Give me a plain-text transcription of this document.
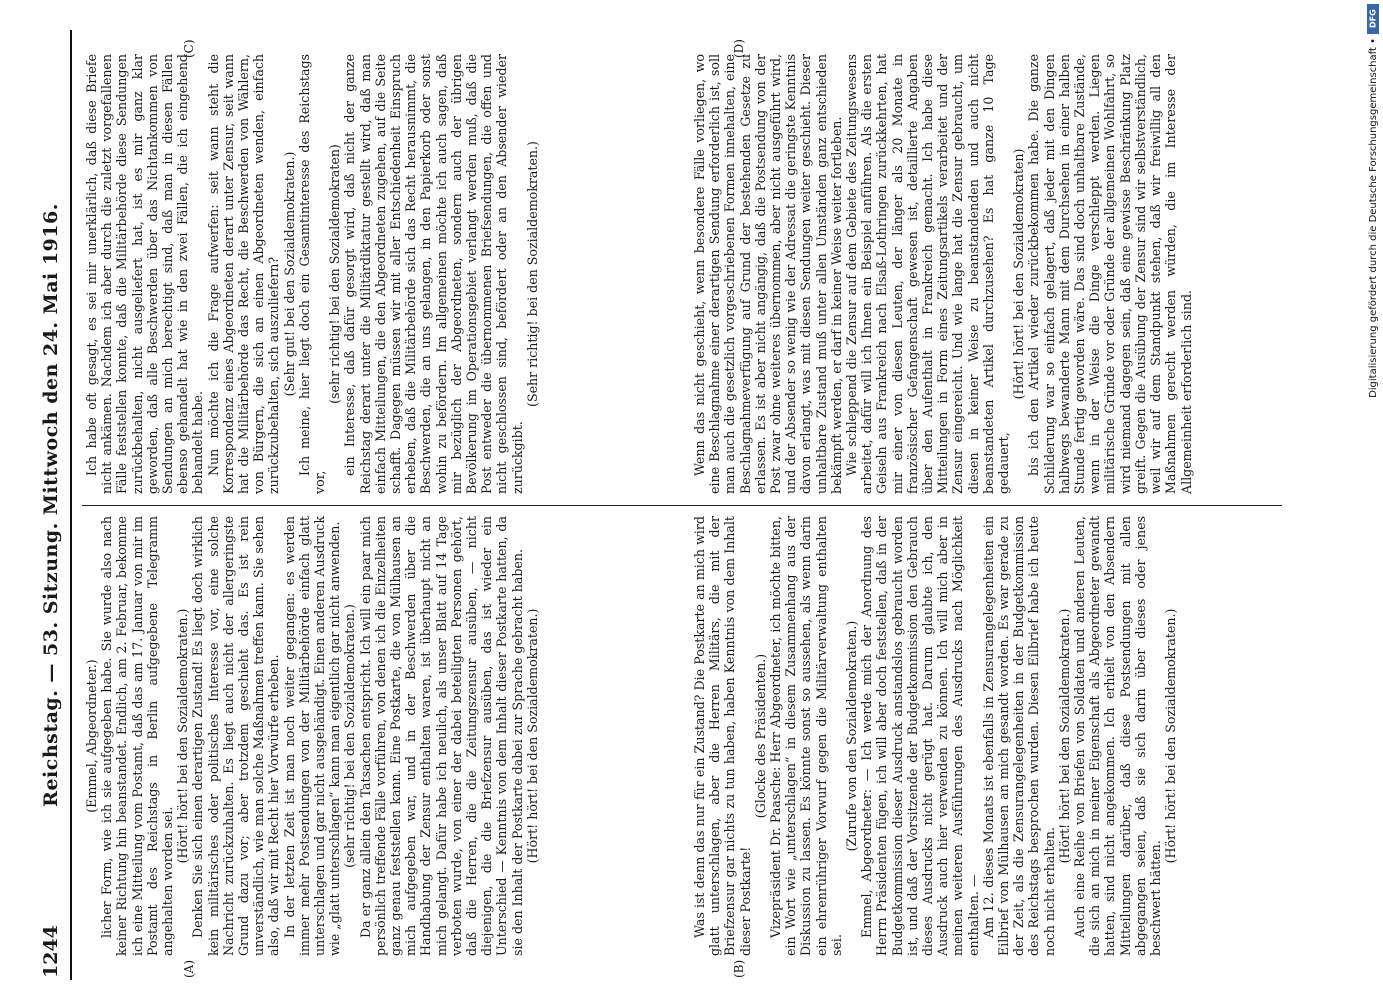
1244
Reichstag. — 53. Sitzung. Mittwoch den 24. Mai 1916.
(A)	(B)
(C)	(D)

(Emmel, Abgeordneter.) licher Form, wie ich sie aufgegeben habe. Sie wurde also nach keiner Richtung hin beanstandet. Endlich, am 2. Februar, bekomme ich eine Mitteilung vom Postamt, daß das am 17. Januar von mir im Postamt des Reichstags in Berlin aufgegebene Telegramm angehalten worden sei.

(Hört! hört! bei den Sozialdemokraten.) Denken Sie sich einen derartigen Zustand! Es liegt doch wirklich kein militärisches oder politisches Interesse vor, eine solche Nachricht zurückzuhalten. Es liegt auch nicht der allergeringste Grund dazu vor; aber trotzdem geschieht das. Es ist rein unverständlich, wie man solche Maßnahmen treffen kann. Sie sehen also, daß wir mit Recht hier Vorwürfe erheben. In der letzten Zeit ist man noch weiter gegangen: es werden immer mehr Postsendungen von der Militärbehörde einfach glatt unterschlagen und gar nicht ausgehändigt. Einen anderen Ausdruck wie „glatt unterschlagen“ kann man eigentlich gar nicht anwenden. (sehr richtig! bei den Sozialdemokraten.) Da er ganz allein den Tatsachen entspricht. Ich will ein paar mich persönlich treffende Fälle vorführen, von denen ich die Einzelheiten ganz genau feststellen kann. Eine Postkarte, die von Mülhausen an mich aufgegeben war, und in der Beschwerden über die Handhabung der Zensur enthalten waren, ist überhaupt nicht an mich gelangt. Dafür habe ich neulich, als unser Blatt auf 14 Tage verboten wurde, von einer der dabei beteiligten Personen gehört, daß die Herren, die die Zeitungszensur ausüben, — nicht diejenigen, die die Briefzensur ausüben, das ist wieder ein Unterschied — Kenntnis von dem Inhalt dieser Postkarte hatten, da sie den Inhalt der Postkarte dabei zur Sprache gebracht haben. (Hört! hört! bei den Sozialdemokraten.)

Ich habe oft gesagt, es sei mir unerklärlich, daß diese Briefe nicht ankämen. Nachdem ich aber durch die zuletzt vorgefallenen Fälle feststellen konnte, daß die Militärbehörde diese Sendungen zurückbehalten, nicht ausgeliefert hat, ist es mir ganz klar geworden, daß alle Beschwerden über das Nichtankommen von Sendungen an mich berechtigt sind, daß man in diesen Fällen ebenso gehandelt hat wie in den zwei Fällen, die ich eingehend behandelt habe. Nun möchte ich die Frage aufwerfen: seit wann steht die Korrespondenz eines Abgeordneten derart unter Zensur, seit wann hat die Militärbehörde das Recht, die Beschwerden von Wählern, von Bürgern, die sich an einen Abgeordneten wenden, einfach zurückzubehalten, sich auszuliefern? (Sehr gut! bei den Sozialdemokraten.) Ich meine, hier liegt doch ein Gesamtinteresse des Reichstags vor,

(sehr richtig! bei den Sozialdemokraten) ein Interesse, daß dafür gesorgt wird, daß nicht der ganze Reichstag derart unter die Militärdiktatur gestellt wird, daß man einfach Mitteilungen, die den Abgeordneten zugehen, auf die Seite schafft. Dagegen müssen wir mit aller Entschiedenheit Einspruch erheben, daß die Militärbehörde sich das Recht herausnimmt, die Beschwerden, die an uns gelangen, in den Papierkorb oder sonst wohin zu befördern. Im allgemeinen möchte ich auch sagen, daß mir bezüglich der Abgeordneten, sondern auch der übrigen Bevölkerung im Operationsgebiet verlangt werden muß, daß die Post entweder die übernommenen Briefsendungen, die offen und nicht geschlossen sind, befördert oder an den Absender wieder zurückgibt.

(Sehr richtig! bei den Sozialdemokraten.)

Was ist denn das nur für ein Zustand? Die Postkarte an mich wird glatt unterschlagen, aber die Herren Militärs, die mit der Briefzensur gar nichts zu tun haben, haben Kenntnis von dem Inhalt dieser Postkarte!

(Glocke des Präsidenten.) Vizepräsident Dr. Paasche: Herr Abgeordneter, ich möchte bitten, ein Wort wie „unterschlagen“ in diesem Zusammenhang aus der Diskussion zu lassen. Es könnte sonst so aussehen, als wenn darin ein ehrenrühriger Vorwurf gegen die Militärverwaltung enthalten sei.

(Zurufe von den Sozialdemokraten.) Emmel, Abgeordneter: — Ich werde mich der Anordnung des Herrn Präsidenten fügen, ich will aber doch feststellen, daß in der Budgetkommission dieser Ausdruck anstandslos gebraucht worden ist, und daß der Vorsitzende der Budgetkommission den Gebrauch dieses Ausdrucks nicht gerügt hat. Darum glaubte ich, den Ausdruck auch hier verwenden zu können. Ich will mich aber in meinen weiteren Ausführungen des Ausdrucks nach Möglichkeit enthalten. — Am 12. dieses Monats ist ebenfalls in Zensurangelegenheiten ein Eilbrief von Mülhausen an mich gesandt worden. Es war gerade zu der Zeit, als die Zensurangelegenheiten in der Budgetkommission des Reichstags besprochen wurden. Diesen Eilbrief habe ich heute noch nicht erhalten.

(Hört! hört! bei den Sozialdemokraten.) Auch eine Reihe von Briefen von Soldaten und anderen Leuten, die sich an mich in meiner Eigenschaft als Abgeordneter gewandt hatten, sind nicht angekommen. Ich erhielt von den Absendern Mitteilungen darüber, daß diese Postsendungen mit allen abgegangen seien, daß sie sich darin über dieses oder jenes beschwert hätten.

(Hört! hört! bei den Sozialdemokraten.)

Wenn das nicht geschieht, wenn besondere Fälle vorliegen, wo eine Beschlagnahme einer derartigen Sendung erforderlich ist, soll man auch die gesetzlich vorgeschriebenen Formen innehalten, eine Beschlagnahmeverfügung auf Grund der bestehenden Gesetze zu erlassen. Es ist aber nicht angängig, daß die Postsendung von der Post zwar ohne weiteres übernommen, aber nicht ausgeführt wird, und der Absender so wenig wie der Adressat die geringste Kenntnis davon erlangt, was mit diesen Sendungen weiter geschieht. Dieser unhaltbare Zustand muß unter allen Umständen ganz entschieden bekämpft werden, er darf in keiner Weise weiter fortleben. Wie schleppend die Zensur auf dem Gebiete des Zeitungswesens arbeitet, dafür will ich Ihnen ein Beispiel anführen. Als die ersten Geiseln aus Frankreich nach Elsaß-Lothringen zurückkehrten, hat mir einer von diesen Leuten, der länger als 20 Monate in französischer Gefangenschaft gewesen ist, detaillierte Angaben über den Aufenthalt in Frankreich gemacht. Ich habe diese Mitteilungen in Form eines Zeitungsartikels verarbeitet und der Zensur eingereicht. Und wie lange hat die Zensur gebraucht, um diesen in keiner Weise zu beanstandenden und auch nicht beanstandeten Artikel durchzusehen? Es hat ganze 10 Tage gedauert,

(Hört! hört! bei den Sozialdemokraten) bis ich den Artikel wieder zurückbekommen habe. Die ganze Schilderung war so einfach gelagert, daß jeder mit den Dingen halbwegs bewanderte Mann mit dem Durchsehen in einer halben Stunde fertig geworden wäre. Das sind doch unhaltbare Zustände, wenn in der Weise die Dinge verschleppt werden. Liegen militärische Gründe vor oder Gründe der allgemeinen Wohlfahrt, so wird niemand dagegen sein, daß eine gewisse Beschränkung Platz greift. Gegen die Ausübung der Zensur sind wir selbstverständlich, weil wir auf dem Standpunkt stehen, daß wir freiwillig all den Maßnahmen gerecht werden würden, die im Interesse der Allgemeinheit erforderlich sind.

DFG
Digitalisierung gefördert durch die Deutsche Forschungsgemeinschaft •
